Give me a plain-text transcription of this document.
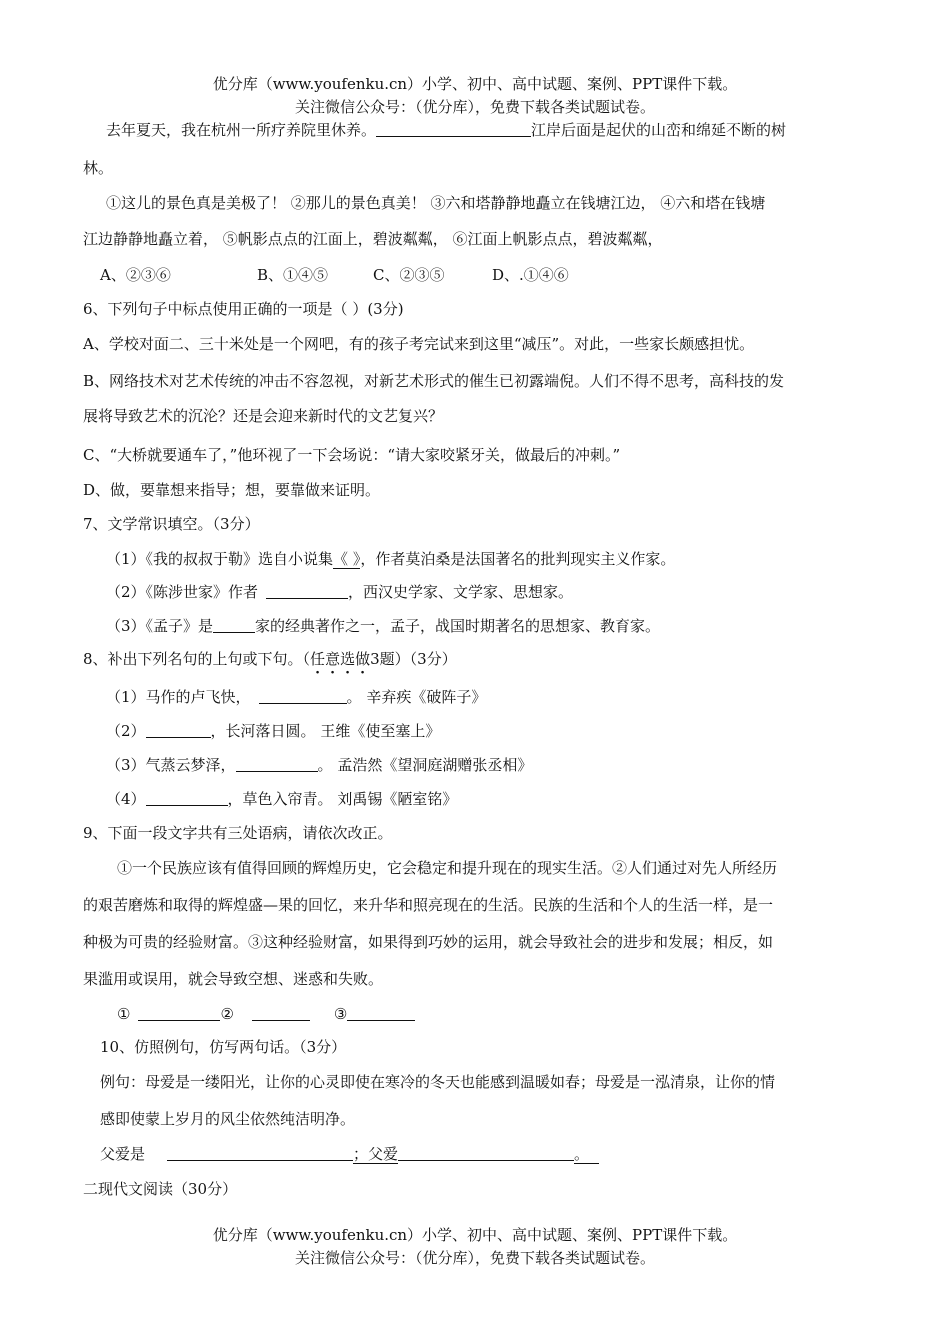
优分库（www.youfenku.cn）小学、初中、高中试题、案例、PPT课件下载。
关注微信公众号：（优分库），免费下载各类试题试卷。
去年夏天，我在杭州一所疗养院里休养。	江岸后面是起伏的山峦和绵延不断的树
林。
①这儿的景色真是美极了！ ②那儿的景色真美！ ③六和塔静静地矗立在钱塘江边， ④六和塔在钱塘
江边静静地矗立着， ⑤帆影点点的江面上，碧波粼粼， ⑥江面上帆影点点，碧波粼粼，
A、②③⑥	B、①④⑤	C、②③⑤	D、.①④⑥
6、下列句子中标点使用正确的一项是（ ）(3分)
A、学校对面二、三十米处是一个网吧，有的孩子考完试来到这里“减压”。对此，一些家长颇感担忧。
B、网络技术对艺术传统的冲击不容忽视，对新艺术形式的催生已初露端倪。人们不得不思考，高科技的发
展将导致艺术的沉沦？还是会迎来新时代的文艺复兴？
C、“大桥就要通车了，”他环视了一下会场说：“请大家咬紧牙关，做最后的冲刺。”
D、做，要靠想来指导；想，要靠做来证明。
7、文学常识填空。（3分）
（1）《我的叔叔于勒》选自小说集《 》，作者莫泊桑是法国著名的批判现实主义作家。
（2）《陈涉世家》作者	，西汉史学家、文学家、思想家。
（3）《孟子》是	家的经典著作之一，孟子，战国时期著名的思想家、教育家。
8、补出下列名句的上句或下句。（任意选做3题）（3分）
（1）马作的卢飞快，	。 辛弃疾《破阵子》
（2）	，长河落日圆。 王维《使至塞上》
（3）气蒸云梦泽，	。 孟浩然《望洞庭湖赠张丞相》
（4）	，草色入帘青。 刘禹锡《陋室铭》
9、下面一段文字共有三处语病，请依次改正。
①一个民族应该有值得回顾的辉煌历史，它会稳定和提升现在的现实生活。②人们通过对先人所经历
的艰苦磨炼和取得的辉煌盛—果的回忆，来升华和照亮现在的生活。民族的生活和个人的生活一样，是一
种极为可贵的经验财富。③这种经验财富，如果得到巧妙的运用，就会导致社会的进步和发展；相反，如
果滥用或误用，就会导致空想、迷惑和失败。
①	②	③
10、仿照例句，仿写两句话。（3分）
例句：母爱是一缕阳光，让你的心灵即使在寒冷的冬天也能感到温暖如春；母爱是一泓清泉，让你的情
感即使蒙上岁月的风尘依然纯洁明净。
父爱是	；父爱	。
二现代文阅读（30分）
优分库（www.youfenku.cn）小学、初中、高中试题、案例、PPT课件下载。
关注微信公众号：（优分库），免费下载各类试题试卷。
